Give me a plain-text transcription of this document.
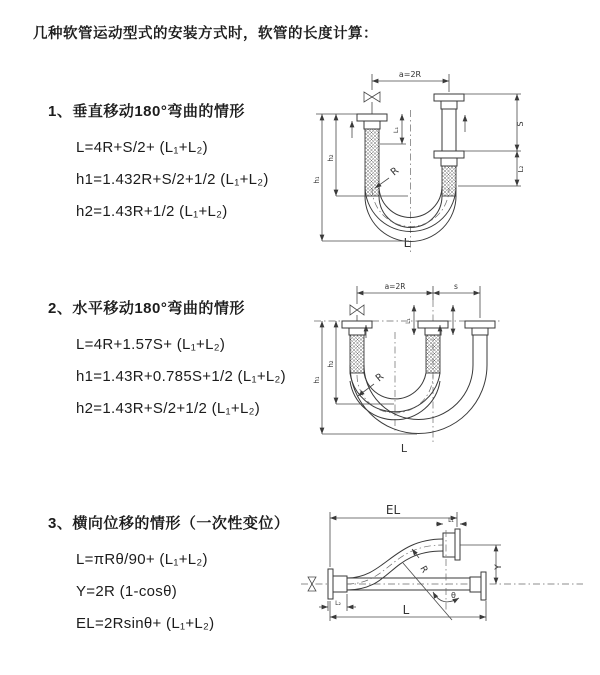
几种软管运动型式的安装方式时，软管的长度计算：

1、垂直移动180°弯曲的情形

L=4R+S/2+ (L₁+L₂)

h1=1.432R+S/2+1/2 (L₁+L₂)

h2=1.43R+1/2 (L₁+L₂)

2、水平移动180°弯曲的情形

L=4R+1.57S+ (L₁+L₂)

h1=1.43R+0.785S+1/2 (L₁+L₂)

h2=1.43R+S/2+1/2 (L₁+L₂)

3、横向位移的情形（一次性变位）

L=πRθ/90+ (L₁+L₂)

Y=2R (1-cosθ)

EL=2Rsinθ+ (L₁+L₂)

a=2R
R
L
h₁
h₂
L₁
S
L₂
a=2R	s
h₁
h₂
L₁
R
L
EL
L₁
Y
θ
R
L
L₂
